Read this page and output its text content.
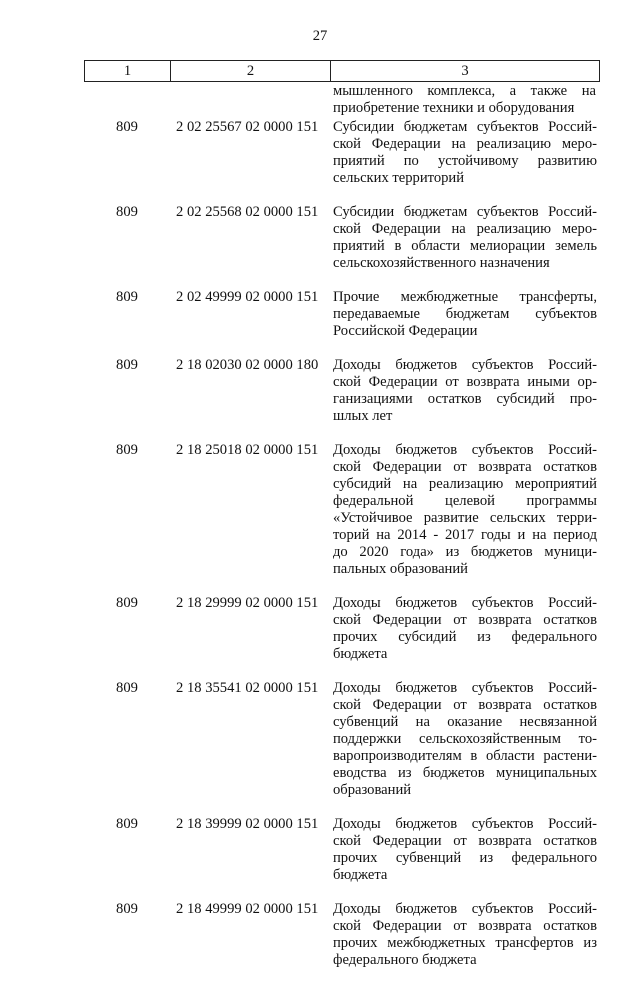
27
1	2	3
мышленного комплекса, а также на
приобретение техники и оборудования
809	2 02 25567 02 0000 151	Субсидии бюджетам субъектов Россий-
ской Федерации на реализацию меро-
приятий по устойчивому развитию
сельских территорий
809	2 02 25568 02 0000 151	Субсидии бюджетам субъектов Россий-
ской Федерации на реализацию меро-
приятий в области мелиорации земель
сельскохозяйственного назначения
809	2 02 49999 02 0000 151	Прочие межбюджетные трансферты,
передаваемые бюджетам субъектов
Российской Федерации
809	2 18 02030 02 0000 180	Доходы бюджетов субъектов Россий-
ской Федерации от возврата иными ор-
ганизациями остатков субсидий про-
шлых лет
809	2 18 25018 02 0000 151	Доходы бюджетов субъектов Россий-
ской Федерации от возврата остатков
субсидий на реализацию мероприятий
федеральной целевой программы
«Устойчивое развитие сельских терри-
торий на 2014 - 2017 годы и на период
до 2020 года» из бюджетов муници-
пальных образований
809	2 18 29999 02 0000 151	Доходы бюджетов субъектов Россий-
ской Федерации от возврата остатков
прочих субсидий из федерального
бюджета
809	2 18 35541 02 0000 151	Доходы бюджетов субъектов Россий-
ской Федерации от возврата остатков
субвенций на оказание несвязанной
поддержки сельскохозяйственным то-
варопроизводителям в области растени-
еводства из бюджетов муниципальных
образований
809	2 18 39999 02 0000 151	Доходы бюджетов субъектов Россий-
ской Федерации от возврата остатков
прочих субвенций из федерального
бюджета
809	2 18 49999 02 0000 151	Доходы бюджетов субъектов Россий-
ской Федерации от возврата остатков
прочих межбюджетных трансфертов из
федерального бюджета
